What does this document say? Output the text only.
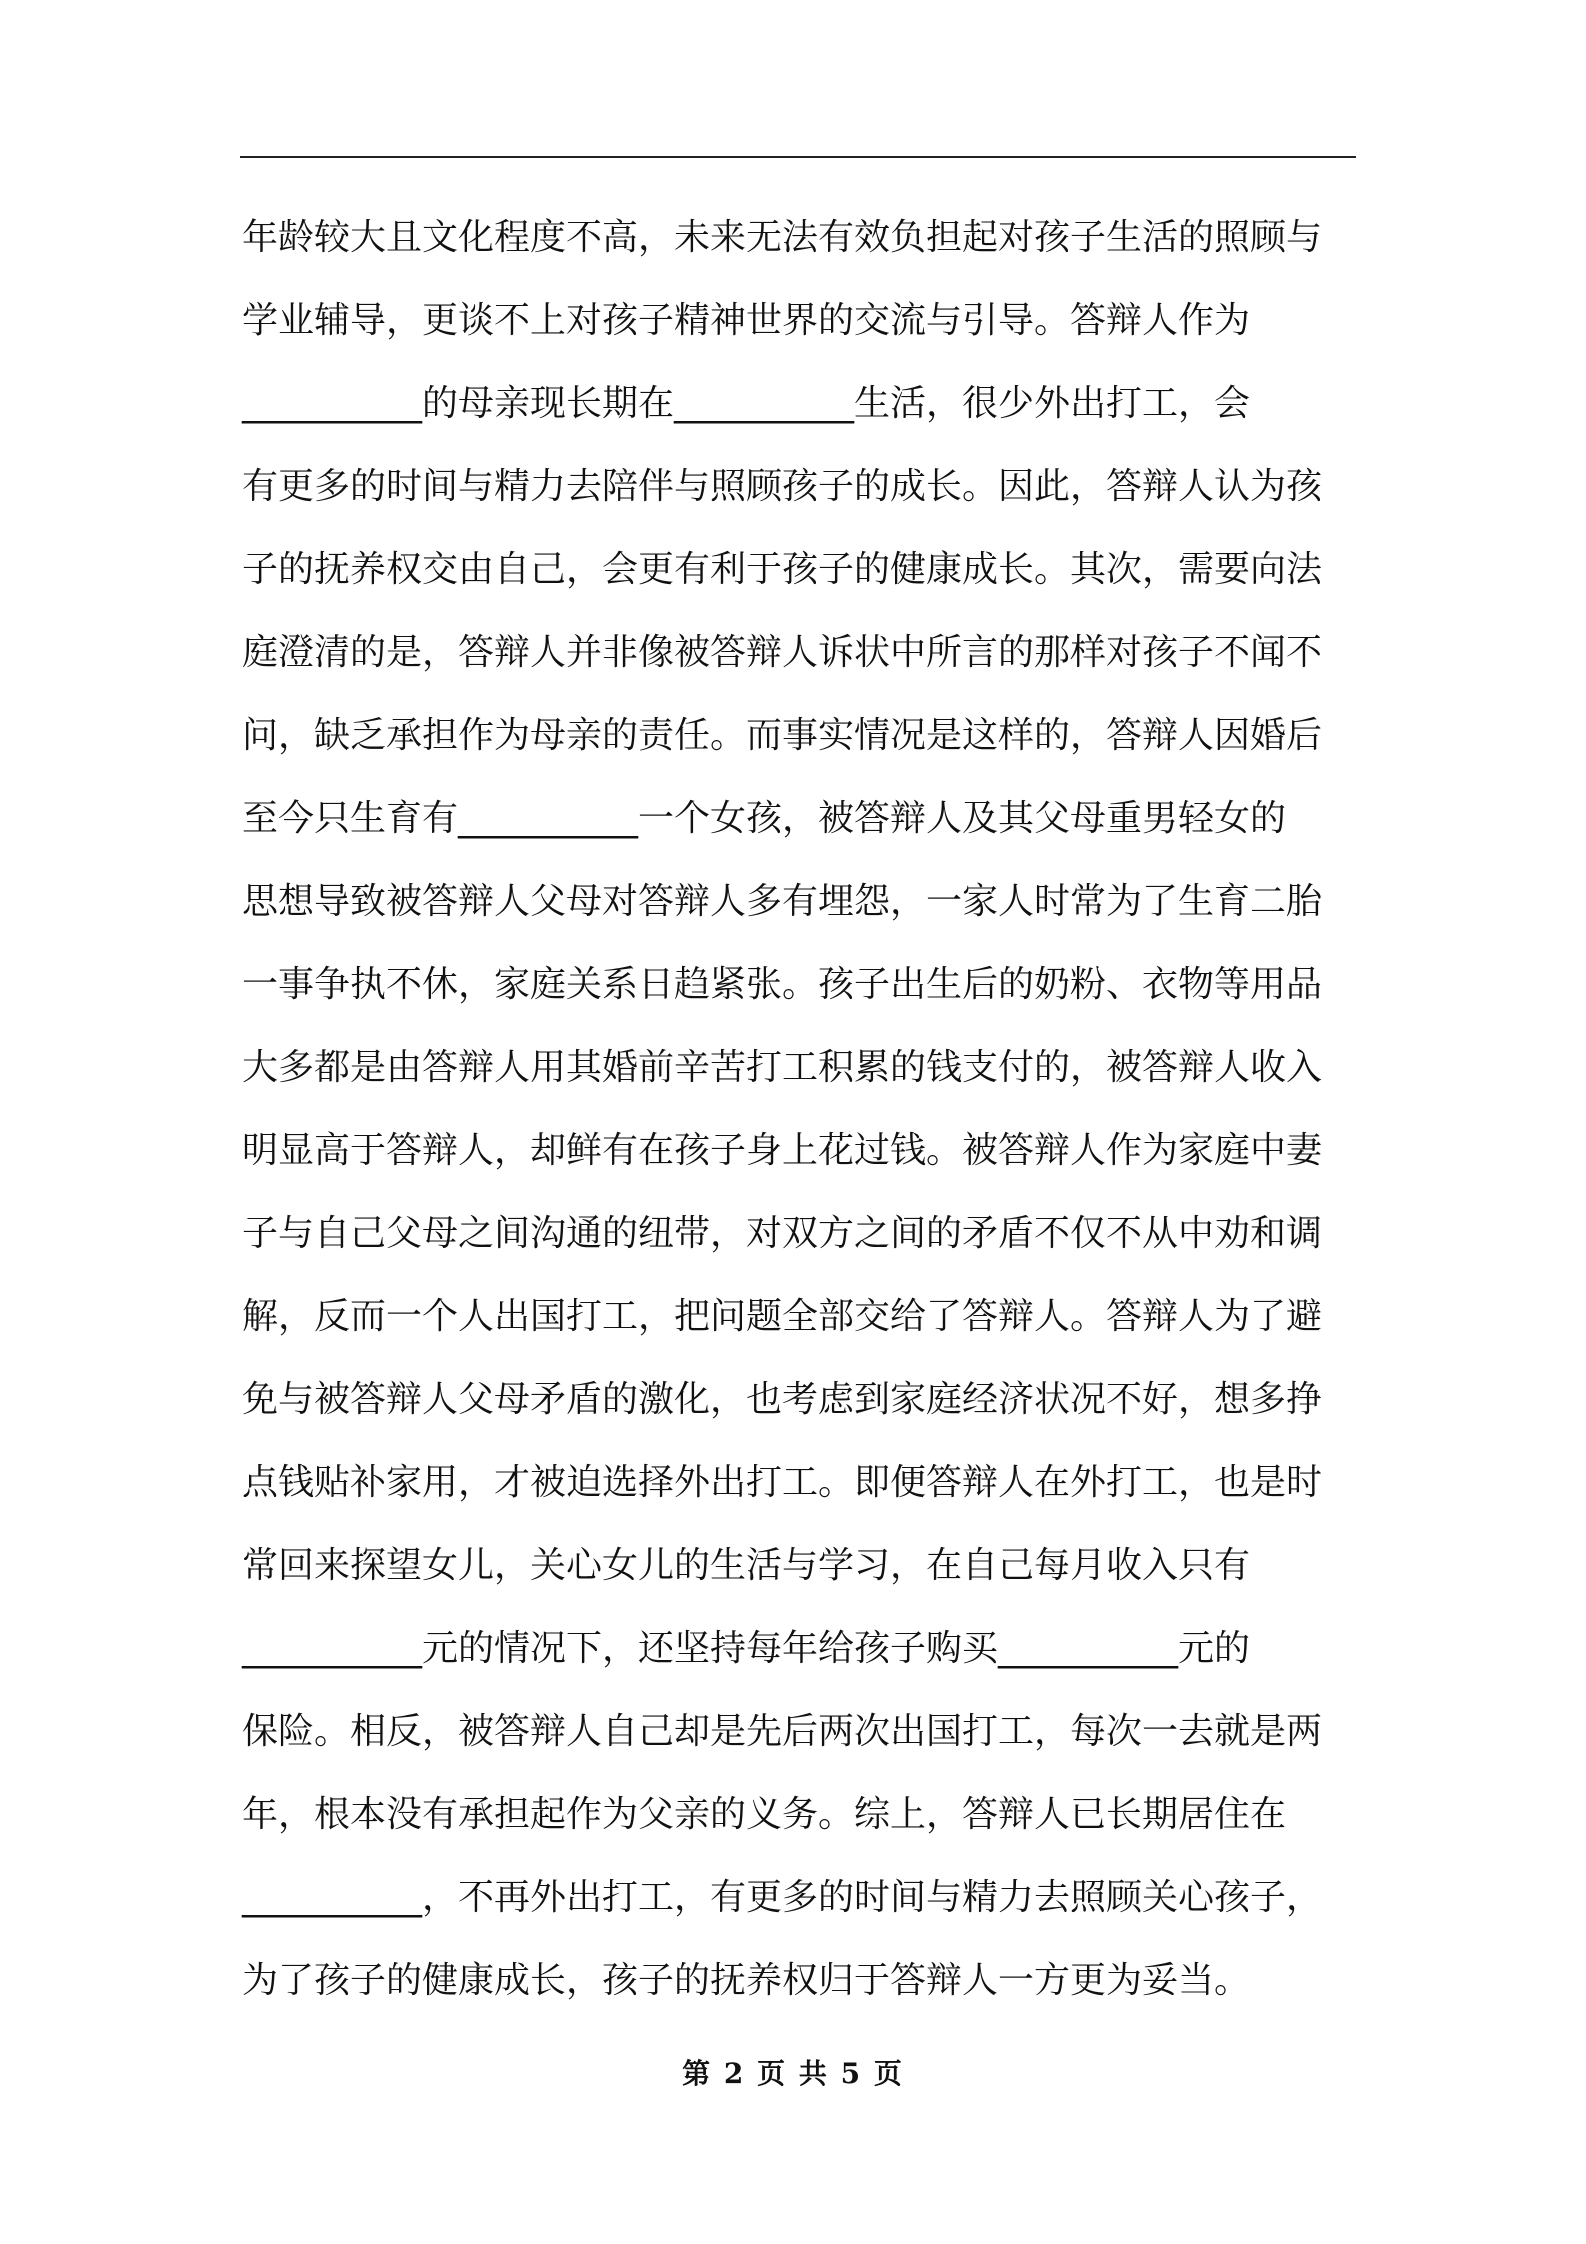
年龄较大且文化程度不高，未来无法有效负担起对孩子生活的照顾与
学业辅导，更谈不上对孩子精神世界的交流与引导。答辩人作为
__________的母亲现长期在__________生活，很少外出打工，会
有更多的时间与精力去陪伴与照顾孩子的成长。因此，答辩人认为孩
子的抚养权交由自己，会更有利于孩子的健康成长。其次，需要向法
庭澄清的是，答辩人并非像被答辩人诉状中所言的那样对孩子不闻不
问，缺乏承担作为母亲的责任。而事实情况是这样的，答辩人因婚后
至今只生育有__________一个女孩，被答辩人及其父母重男轻女的
思想导致被答辩人父母对答辩人多有埋怨，一家人时常为了生育二胎
一事争执不休，家庭关系日趋紧张。孩子出生后的奶粉、衣物等用品
大多都是由答辩人用其婚前辛苦打工积累的钱支付的，被答辩人收入
明显高于答辩人，却鲜有在孩子身上花过钱。被答辩人作为家庭中妻
子与自己父母之间沟通的纽带，对双方之间的矛盾不仅不从中劝和调
解，反而一个人出国打工，把问题全部交给了答辩人。答辩人为了避
免与被答辩人父母矛盾的激化，也考虑到家庭经济状况不好，想多挣
点钱贴补家用，才被迫选择外出打工。即便答辩人在外打工，也是时
常回来探望女儿，关心女儿的生活与学习，在自己每月收入只有
__________元的情况下，还坚持每年给孩子购买__________元的
保险。相反，被答辩人自己却是先后两次出国打工，每次一去就是两
年，根本没有承担起作为父亲的义务。综上，答辩人已长期居住在
__________，不再外出打工，有更多的时间与精力去照顾关心孩子，
为了孩子的健康成长，孩子的抚养权归于答辩人一方更为妥当。
第 2 页 共 5 页
